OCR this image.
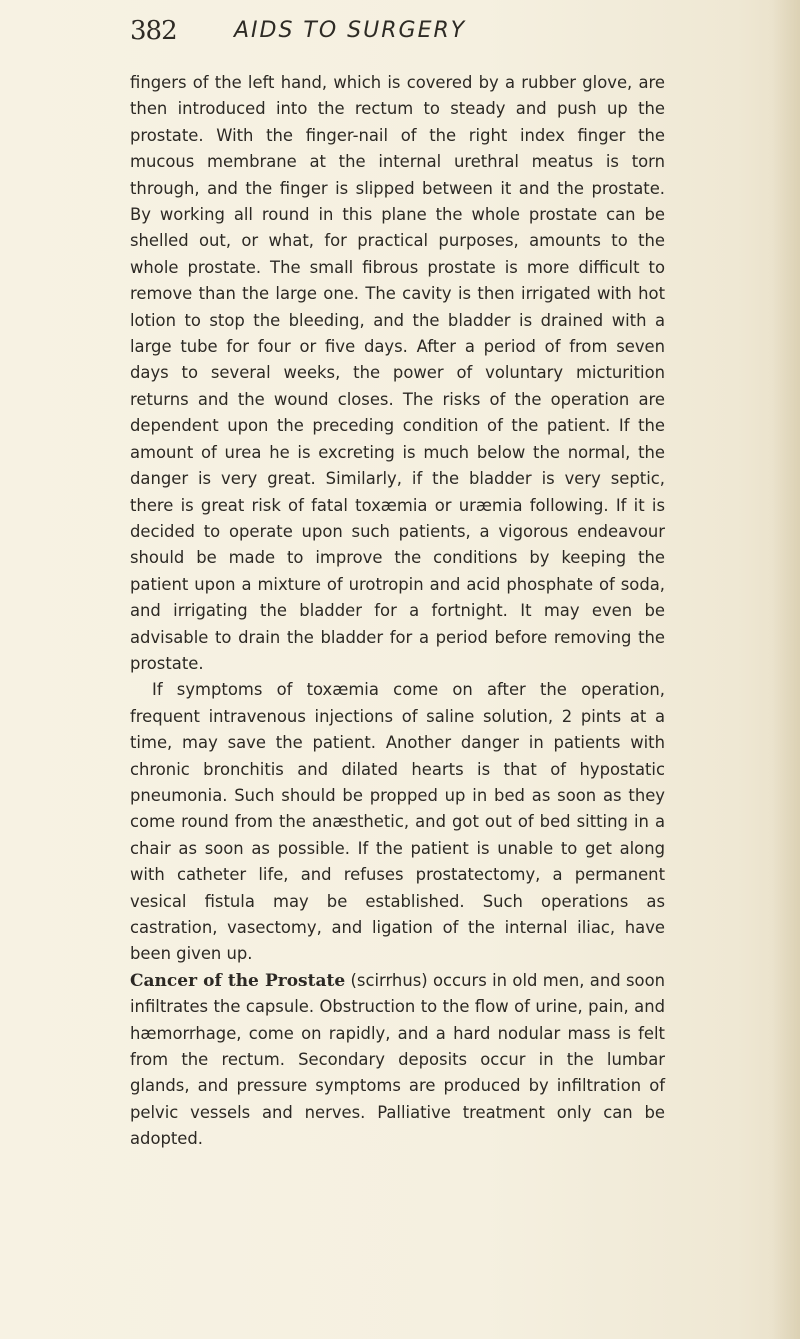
382	AIDS TO SURGERY

fingers of the left hand, which is covered by a rubber glove, are then introduced into the rectum to steady and push up the prostate. With the finger-nail of the right index finger the mucous membrane at the internal urethral meatus is torn through, and the finger is slipped between it and the prostate. By working all round in this plane the whole prostate can be shelled out, or what, for practical purposes, amounts to the whole prostate. The small fibrous prostate is more difficult to remove than the large one. The cavity is then irrigated with hot lotion to stop the bleeding, and the bladder is drained with a large tube for four or five days. After a period of from seven days to several weeks, the power of voluntary micturition returns and the wound closes. The risks of the operation are dependent upon the preceding condition of the patient. If the amount of urea he is excreting is much below the normal, the danger is very great. Similarly, if the bladder is very septic, there is great risk of fatal toxæmia or uræmia following. If it is decided to operate upon such patients, a vigorous endeavour should be made to improve the conditions by keeping the patient upon a mixture of urotropin and acid phosphate of soda, and irrigating the bladder for a fortnight. It may even be advisable to drain the bladder for a period before removing the prostate.

If symptoms of toxæmia come on after the operation, frequent intravenous injections of saline solution, 2 pints at a time, may save the patient. Another danger in patients with chronic bronchitis and dilated hearts is that of hypostatic pneumonia. Such should be propped up in bed as soon as they come round from the anæsthetic, and got out of bed sitting in a chair as soon as possible. If the patient is unable to get along with catheter life, and refuses prostatectomy, a permanent vesical fistula may be established. Such operations as castration, vasectomy, and ligation of the internal iliac, have been given up.

Cancer of the Prostate (scirrhus) occurs in old men, and soon infiltrates the capsule. Obstruction to the flow of urine, pain, and hæmorrhage, come on rapidly, and a hard nodular mass is felt from the rectum. Secondary deposits occur in the lumbar glands, and pressure symptoms are produced by infiltration of pelvic vessels and nerves. Palliative treatment only can be adopted.
